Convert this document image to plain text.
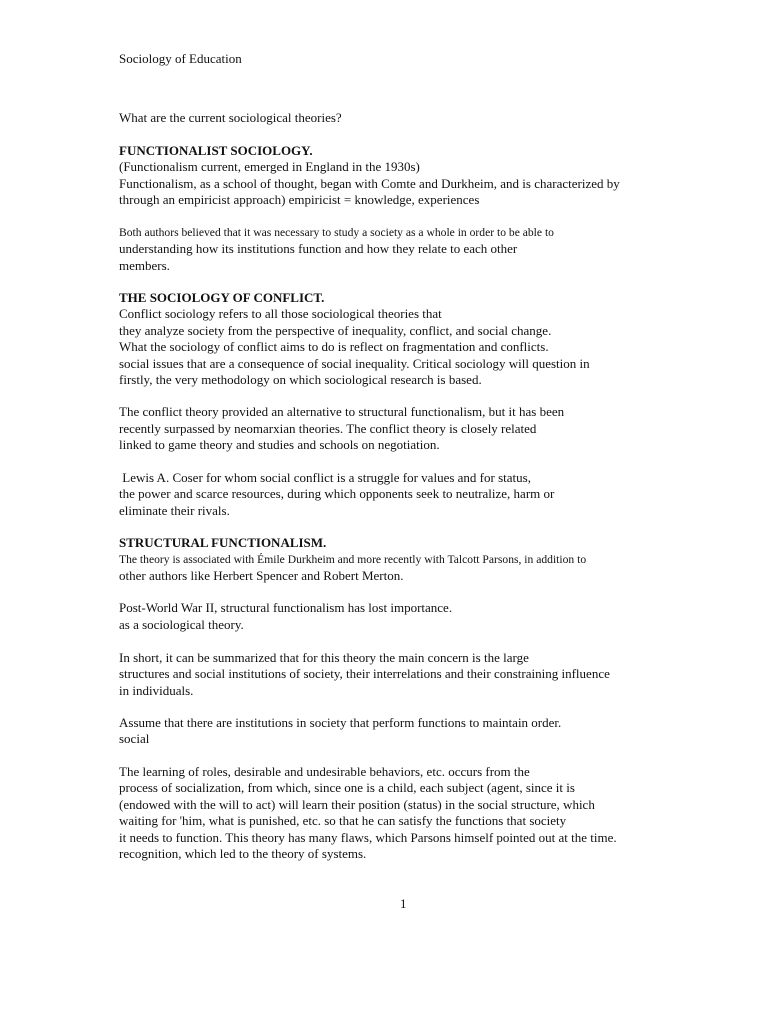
Sociology of Education
What are the current sociological theories?
FUNCTIONALIST SOCIOLOGY.
(Functionalism current, emerged in England in the 1930s)
Functionalism, as a school of thought, began with Comte and Durkheim, and is characterized by
through an empiricist approach) empiricist = knowledge, experiences
Both authors believed that it was necessary to study a society as a whole in order to be able to
understanding how its institutions function and how they relate to each other
members.
THE SOCIOLOGY OF CONFLICT.
Conflict sociology refers to all those sociological theories that
they analyze society from the perspective of inequality, conflict, and social change.
What the sociology of conflict aims to do is reflect on fragmentation and conflicts.
social issues that are a consequence of social inequality. Critical sociology will question in
firstly, the very methodology on which sociological research is based.
The conflict theory provided an alternative to structural functionalism, but it has been
recently surpassed by neomarxian theories. The conflict theory is closely related
linked to game theory and studies and schools on negotiation.
Lewis A. Coser for whom social conflict is a struggle for values and for status,
the power and scarce resources, during which opponents seek to neutralize, harm or
eliminate their rivals.
STRUCTURAL FUNCTIONALISM.
The theory is associated with Émile Durkheim and more recently with Talcott Parsons, in addition to
other authors like Herbert Spencer and Robert Merton.
Post-World War II, structural functionalism has lost importance.
as a sociological theory.
In short, it can be summarized that for this theory the main concern is the large
structures and social institutions of society, their interrelations and their constraining influence
in individuals.
Assume that there are institutions in society that perform functions to maintain order.
social
The learning of roles, desirable and undesirable behaviors, etc. occurs from the
process of socialization, from which, since one is a child, each subject (agent, since it is
(endowed with the will to act) will learn their position (status) in the social structure, which
waiting for 'him, what is punished, etc. so that he can satisfy the functions that society
it needs to function. This theory has many flaws, which Parsons himself pointed out at the time.
recognition, which led to the theory of systems.
1
